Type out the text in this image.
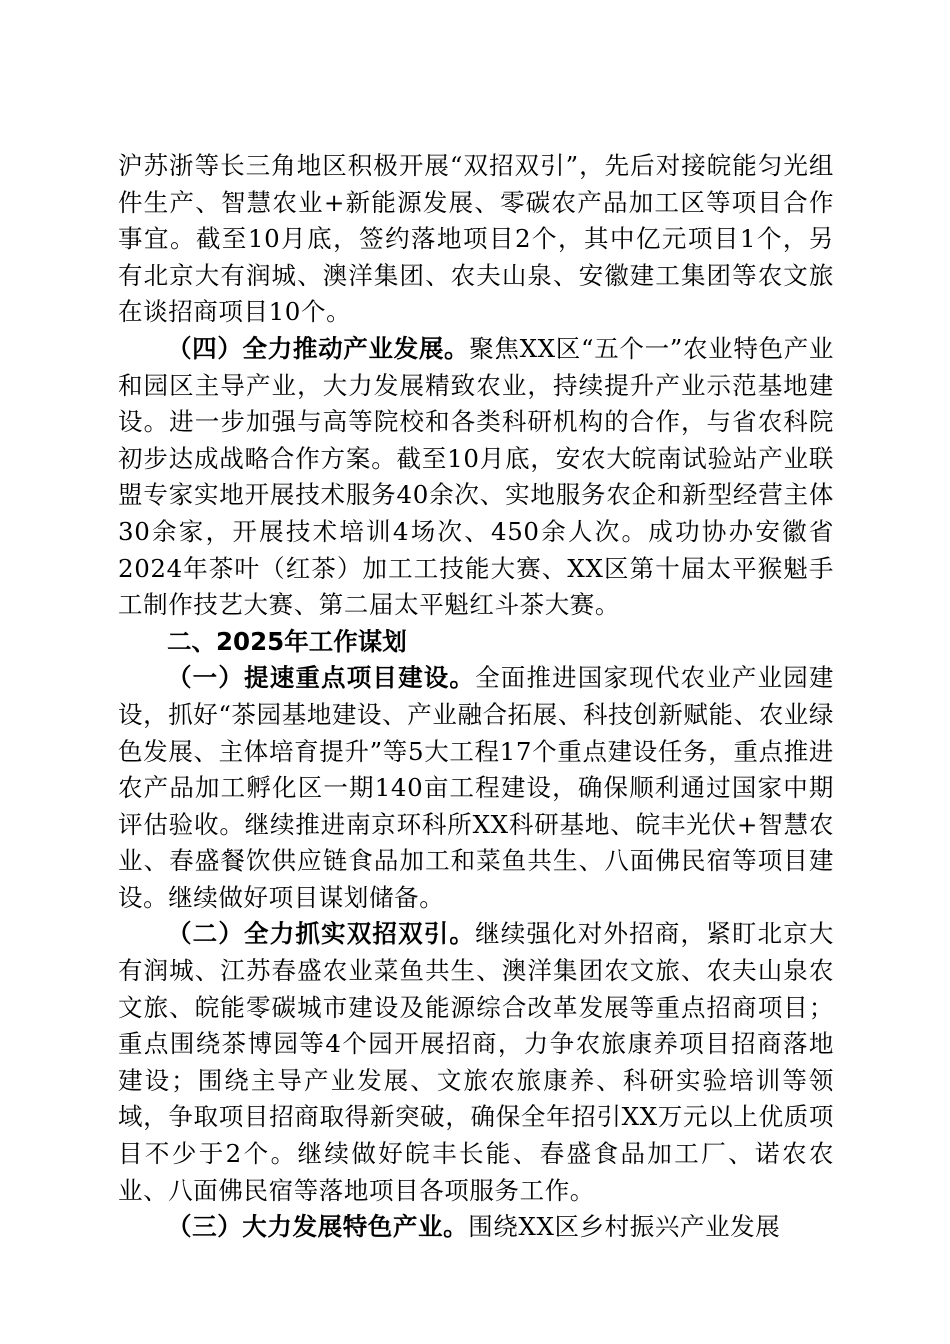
沪苏浙等长三角地区积极开展“双招双引”，先后对接皖能匀光组件生产、智慧农业+新能源发展、零碳农产品加工区等项目合作事宜。截至10月底，签约落地项目2个，其中亿元项目1个，另有北京大有润城、澳洋集团、农夫山泉、安徽建工集团等农文旅在谈招商项目10个。

（四）全力推动产业发展。聚焦XX区“五个一”农业特色产业和园区主导产业，大力发展精致农业，持续提升产业示范基地建设。进一步加强与高等院校和各类科研机构的合作，与省农科院初步达成战略合作方案。截至10月底，安农大皖南试验站产业联盟专家实地开展技术服务40余次、实地服务农企和新型经营主体30余家，开展技术培训4场次、450余人次。成功协办安徽省2024年茶叶（红茶）加工工技能大赛、XX区第十届太平猴魁手工制作技艺大赛、第二届太平魁红斗茶大赛。

二、2025年工作谋划

（一）提速重点项目建设。全面推进国家现代农业产业园建设，抓好“茶园基地建设、产业融合拓展、科技创新赋能、农业绿色发展、主体培育提升”等5大工程17个重点建设任务，重点推进农产品加工孵化区一期140亩工程建设，确保顺利通过国家中期评估验收。继续推进南京环科所XX科研基地、皖丰光伏+智慧农业、春盛餐饮供应链食品加工和菜鱼共生、八面佛民宿等项目建设。继续做好项目谋划储备。

（二）全力抓实双招双引。继续强化对外招商，紧盯北京大有润城、江苏春盛农业菜鱼共生、澳洋集团农文旅、农夫山泉农文旅、皖能零碳城市建设及能源综合改革发展等重点招商项目；重点围绕茶博园等4个园开展招商，力争农旅康养项目招商落地建设；围绕主导产业发展、文旅农旅康养、科研实验培训等领域，争取项目招商取得新突破，确保全年招引XX万元以上优质项目不少于2个。继续做好皖丰长能、春盛食品加工厂、诺农农业、八面佛民宿等落地项目各项服务工作。

（三）大力发展特色产业。围绕XX区乡村振兴产业发展
